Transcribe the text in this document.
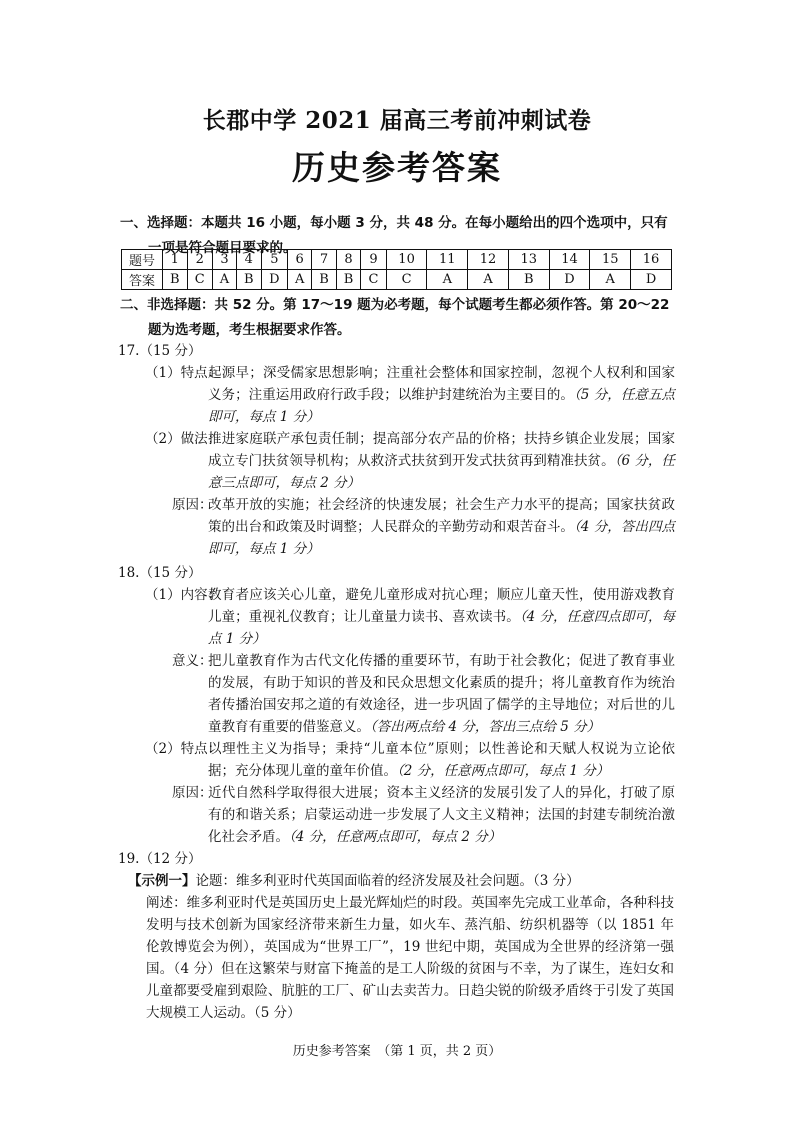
长郡中学 2021 届高三考前冲刺试卷
历史参考答案
一、选择题：本题共 16 小题，每小题 3 分，共 48 分。在每小题给出的四个选项中，只有一项是符合题目要求的。
题号	1	2	3	4	5	6	7	8	9	10	11	12	13	14	15	16
答案	B	C	A	B	D	A	B	B	C	C	A	A	B	D	A	D
二、非选择题：共 52 分。第 17～19 题为必考题，每个试题考生都必须作答。第 20～22 题为选考题，考生根据要求作答。
17.（15 分）
（1）特点：
起源早；深受儒家思想影响；注重社会整体和国家控制，忽视个人权利和国家义务；注重运用政府行政手段；以维护封建统治为主要目的。（5 分，任意五点即可，每点 1 分）
（2）做法：
推进家庭联产承包责任制；提高部分农产品的价格；扶持乡镇企业发展；国家成立专门扶贫领导机构；从救济式扶贫到开发式扶贫再到精准扶贫。（6 分，任意三点即可，每点 2 分）
原因：
改革开放的实施；社会经济的快速发展；社会生产力水平的提高；国家扶贫政策的出台和政策及时调整；人民群众的辛勤劳动和艰苦奋斗。（4 分，答出四点即可，每点 1 分）
18.（15 分）
（1）内容：
教育者应该关心儿童，避免儿童形成对抗心理；顺应儿童天性，使用游戏教育儿童；重视礼仪教育；让儿童量力读书、喜欢读书。（4 分，任意四点即可，每点 1 分）
意义：
把儿童教育作为古代文化传播的重要环节，有助于社会教化；促进了教育事业的发展，有助于知识的普及和民众思想文化素质的提升；将儿童教育作为统治者传播治国安邦之道的有效途径，进一步巩固了儒学的主导地位；对后世的儿童教育有重要的借鉴意义。（答出两点给 4 分，答出三点给 5 分）
（2）特点：
以理性主义为指导；秉持“儿童本位”原则；以性善论和天赋人权说为立论依据；充分体现儿童的童年价值。（2 分，任意两点即可，每点 1 分）
原因：
近代自然科学取得很大进展；资本主义经济的发展引发了人的异化，打破了原有的和谐关系；启蒙运动进一步发展了人文主义精神；法国的封建专制统治激化社会矛盾。（4 分，任意两点即可，每点 2 分）
19.（12 分）
【示例一】论题：维多利亚时代英国面临着的经济发展及社会问题。（3 分）
阐述：维多利亚时代是英国历史上最光辉灿烂的时段。英国率先完成工业革命，各种科技发明与技术创新为国家经济带来新生力量，如火车、蒸汽船、纺织机器等（以 1851 年伦敦博览会为例），英国成为“世界工厂”，19 世纪中期，英国成为全世界的经济第一强国。（4 分）但在这繁荣与财富下掩盖的是工人阶级的贫困与不幸，为了谋生，连妇女和儿童都要受雇到艰险、肮脏的工厂、矿山去卖苦力。日趋尖锐的阶级矛盾终于引发了英国大规模工人运动。（5 分）
历史参考答案　（第 1 页，共 2 页）
